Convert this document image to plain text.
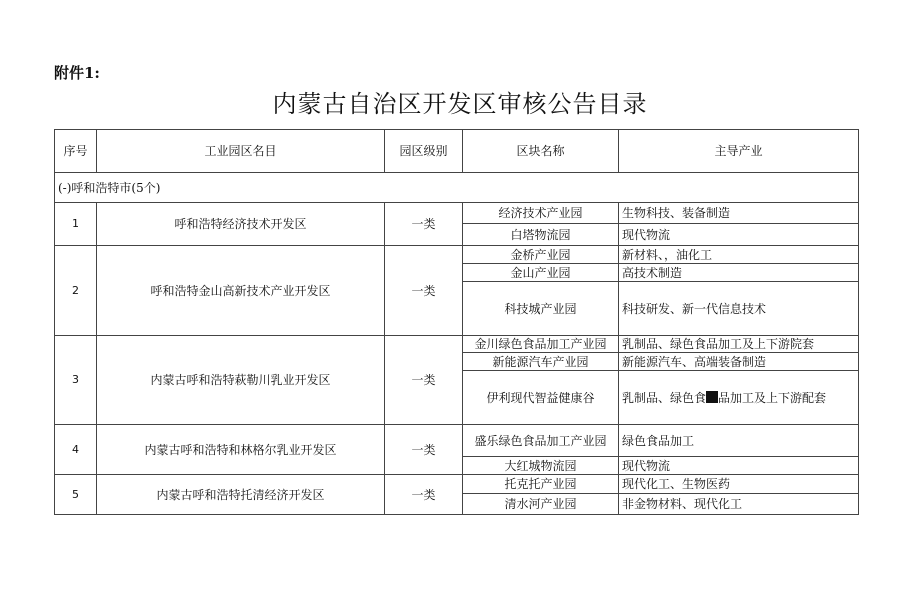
附件1:
内蒙古自治区开发区审核公告目录
序号	工业园区名目	园区级别	区块名称	主导产业
(-)呼和浩特市(5个)				
1	呼和浩特经济技术开发区	一类	经济技术产业园	生物科技、装备制造
			白塔物流园	现代物流
2	呼和浩特金山高新技术产业开发区	一类	金桥产业园	新材料、，油化工
			金山产业园	高技术制造
			科技城产业园	科技研发、新一代信息技术
3	内蒙古呼和浩特萩勒川乳业开发区	一类	金川绿色食品加工产业园	乳制品、绿色食品加工及上下游院套
			新能源汽车产业园	新能源汽车、高端装备制造
			伊利现代智益健康谷	乳制品、绿色食 品加工及上下游配套
4	内蒙古呼和浩特和林格尔乳业开发区	一类	盛乐绿色食品加工产业园	绿色食品加工
			大红城物流园	现代物流
5	内蒙古呼和浩特托清经济开发区	一类	托克托产业园	现代化工、生物医药
			清水河产业园	非金物材料、现代化工
